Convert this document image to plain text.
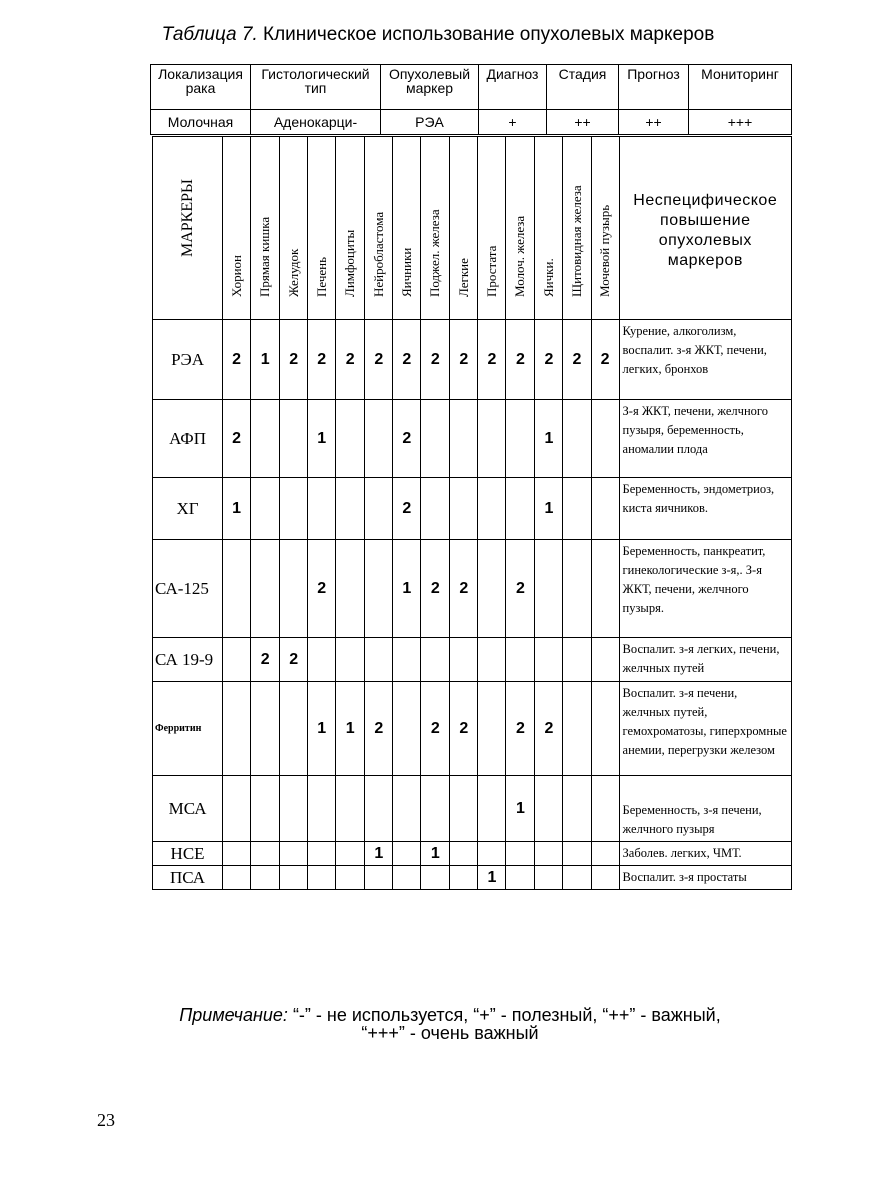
Таблица 7. Клиническое использование опухолевых маркеров
Локализация рака	Гистологический тип	Опухолевый маркер	Диагноз	Стадия	Прогноз	Мониторинг
Молочная	Аденокарци-	РЭА	+	++	++	+++
МАРКЕРЫ	Хорион	Прямая кишка	Желудок	Печень	Лимфоциты	Нейробластома	Яичники	Поджел. железа	Легкие	Простата	Молоч. железа	Яички.	Щитовидная железа	Мочевой пузырь	Неспецифическое
повышение
опухолевых
маркеров

РЭА	2	1	2	2	2	2	2	2	2	2	2	2	2	2	Курение, алкоголизм, воспалит. з-я ЖКТ, печени, легких, бронхов
АФП	2			1			2					1			З-я ЖКТ, печени, желчного пузыря, беременность, аномалии плода
ХГ	1						2					1			Беременность, эндометриоз, киста яичников.
СА-125				2			1	2	2		2				Беременность, панкреатит, гинекологические з-я,. З-я ЖКТ, печени, желчного пузыря.
СА 19-9		2	2												Воспалит. з-я легких, печени, желчных путей
Ферритин				1	1	2		2	2		2	2			Воспалит. з-я печени, желчных путей, гемохроматозы, гиперхромные анемии, перегрузки железом
МСА											1				Беременность, з-я печени, желчного пузыря
НСЕ						1		1							Заболев. легких, ЧМТ.
ПСА										1					Воспалит. з-я простаты
Примечание: “-” - не используется, “+” - полезный, “++” - важный,
“+++” - очень важный
23
